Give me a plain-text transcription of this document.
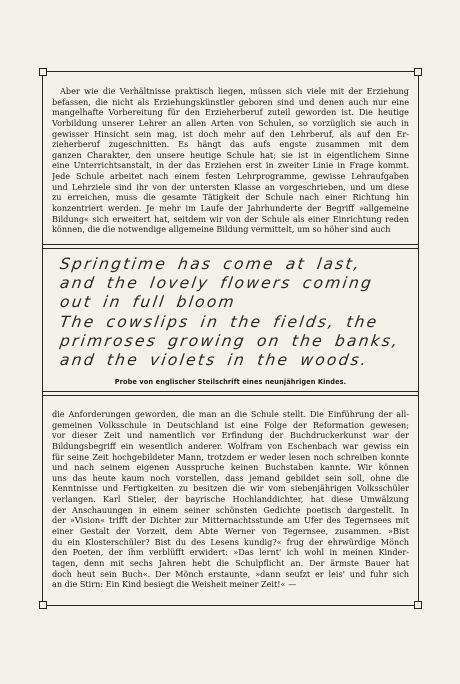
Aber wie die Verhältnisse praktisch liegen, müssen sich viele mit der Erziehung
befassen, die nicht als Erziehungskünstler geboren sind und denen auch nur eine
mangelhafte Vorbereitung für den Erzieherberuf zuteil geworden ist. Die heutige
Vorbildung unserer Lehrer an allen Arten von Schulen, so vorzüglich sie auch in
gewisser Hinsicht sein mag, ist doch mehr auf den Lehrberuf, als auf den Er-
zieherberuf zugeschnitten. Es hängt das aufs engste zusammen mit dem
ganzen Charakter, den unsere heutige Schule hat; sie ist in eigentlichem Sinne
eine Unterrichtsanstalt, in der das Erziehen erst in zweiter Linie in Frage kommt.
Jede Schule arbeitet nach einem festen Lehrprogramme, gewisse Lehraufgaben
und Lehrziele sind ihr von der untersten Klasse an vorgeschrieben, und um diese
zu erreichen, muss die gesamte Tätigkeit der Schule nach einer Richtung hin
konzentriert werden. Je mehr im Laufe der Jahrhunderte der Begriff »allgemeine
Bildung« sich erweitert hat, seitdem wir von der Schule als einer Einrichtung reden
können, die die notwendige allgemeine Bildung vermittelt, um so höher sind auch
Springtime has come at last,
and the lovely flowers coming
out in full bloom
The cowslips in the fields, the
primroses growing on the banks,
and the violets in the woods.
Probe von englischer Steilschrift eines neunjährigen Kindes.
die Anforderungen geworden, die man an die Schule stellt. Die Einführung der all-
gemeinen Volksschule in Deutschland ist eine Folge der Reformation gewesen;
vor dieser Zeit und namentlich vor Erfindung der Buchdruckerkunst war der
Bildungsbegriff ein wesentlich anderer. Wolfram von Eschenbach war gewiss ein
für seine Zeit hochgebildeter Mann, trotzdem er weder lesen noch schreiben konnte
und nach seinem eigenen Ausspruche keinen Buchstaben kannte. Wir können
uns das heute kaum noch vorstellen, dass jemand gebildet sein soll, ohne die
Kenntnisse und Fertigkeiten zu besitzen die wir vom siebenjährigen Volksschüler
verlangen. Karl Stieler, der bayrische Hochlanddichter, hat diese Umwälzung
der Anschauungen in einem seiner schönsten Gedichte poetisch dargestellt. In
der »Vision« trifft der Dichter zur Mitternachtsstunde am Ufer des Tegernsees mit
einer Gestalt der Vorzeit, dem Abte Werner von Tegernsee, zusammen. »Bist
du ein Klosterschüler? Bist du des Lesens kundig?« frug der ehrwürdige Mönch
den Poeten, der ihm verblüfft erwidert: »Das lernt' ich wohl in meinen Kinder-
tagen, denn mit sechs Jahren hebt die Schulpflicht an. Der ärmste Bauer hat
doch heut sein Buch«. Der Mönch erstaunte, »dann seufzt er leis' und fuhr sich
an die Stirn: Ein Kind besiegt die Weisheit meiner Zeit!« —
